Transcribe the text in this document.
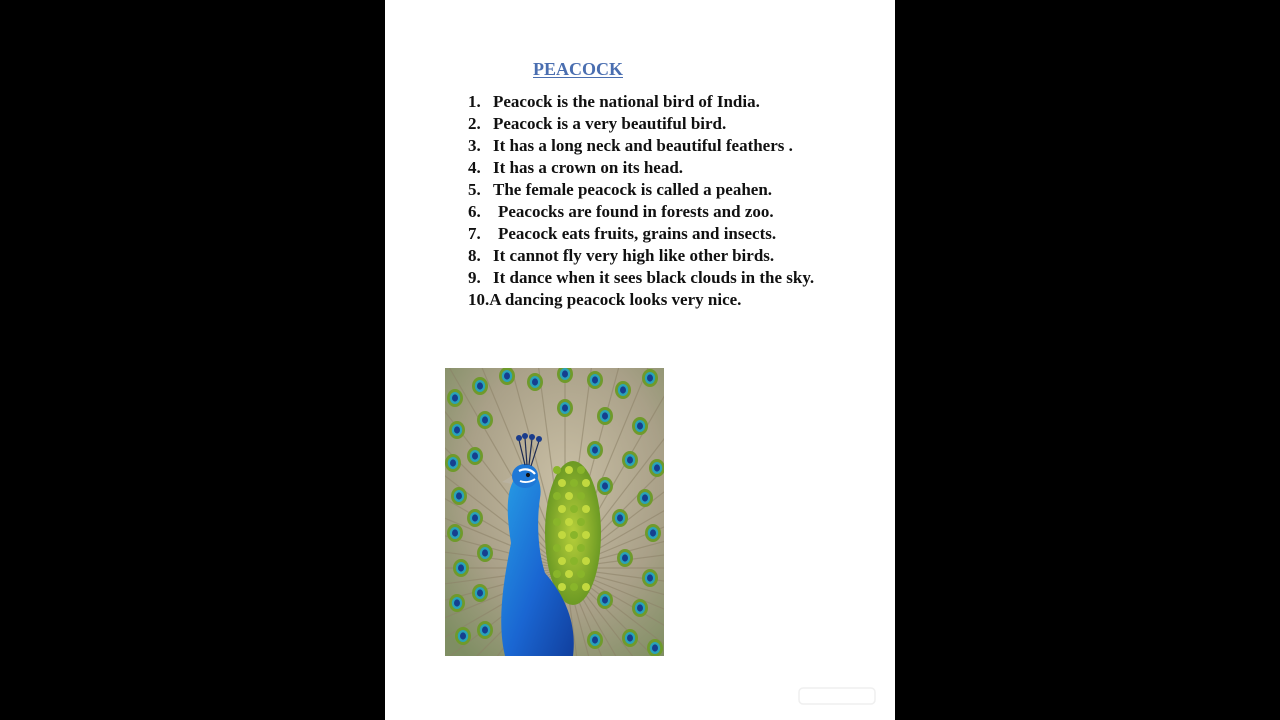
PEACOCK
1. Peacock is the national bird of India.
2. Peacock is a very beautiful bird.
3. It has a long neck and beautiful feathers .
4. It has a crown on its head.
5. The female peacock is called a peahen.
6. Peacocks are found in forests and zoo.
7. Peacock eats fruits, grains and insects.
8. It cannot fly very high like other birds.
9. It dance when it sees black clouds in the sky.
10.A dancing peacock looks very nice.
